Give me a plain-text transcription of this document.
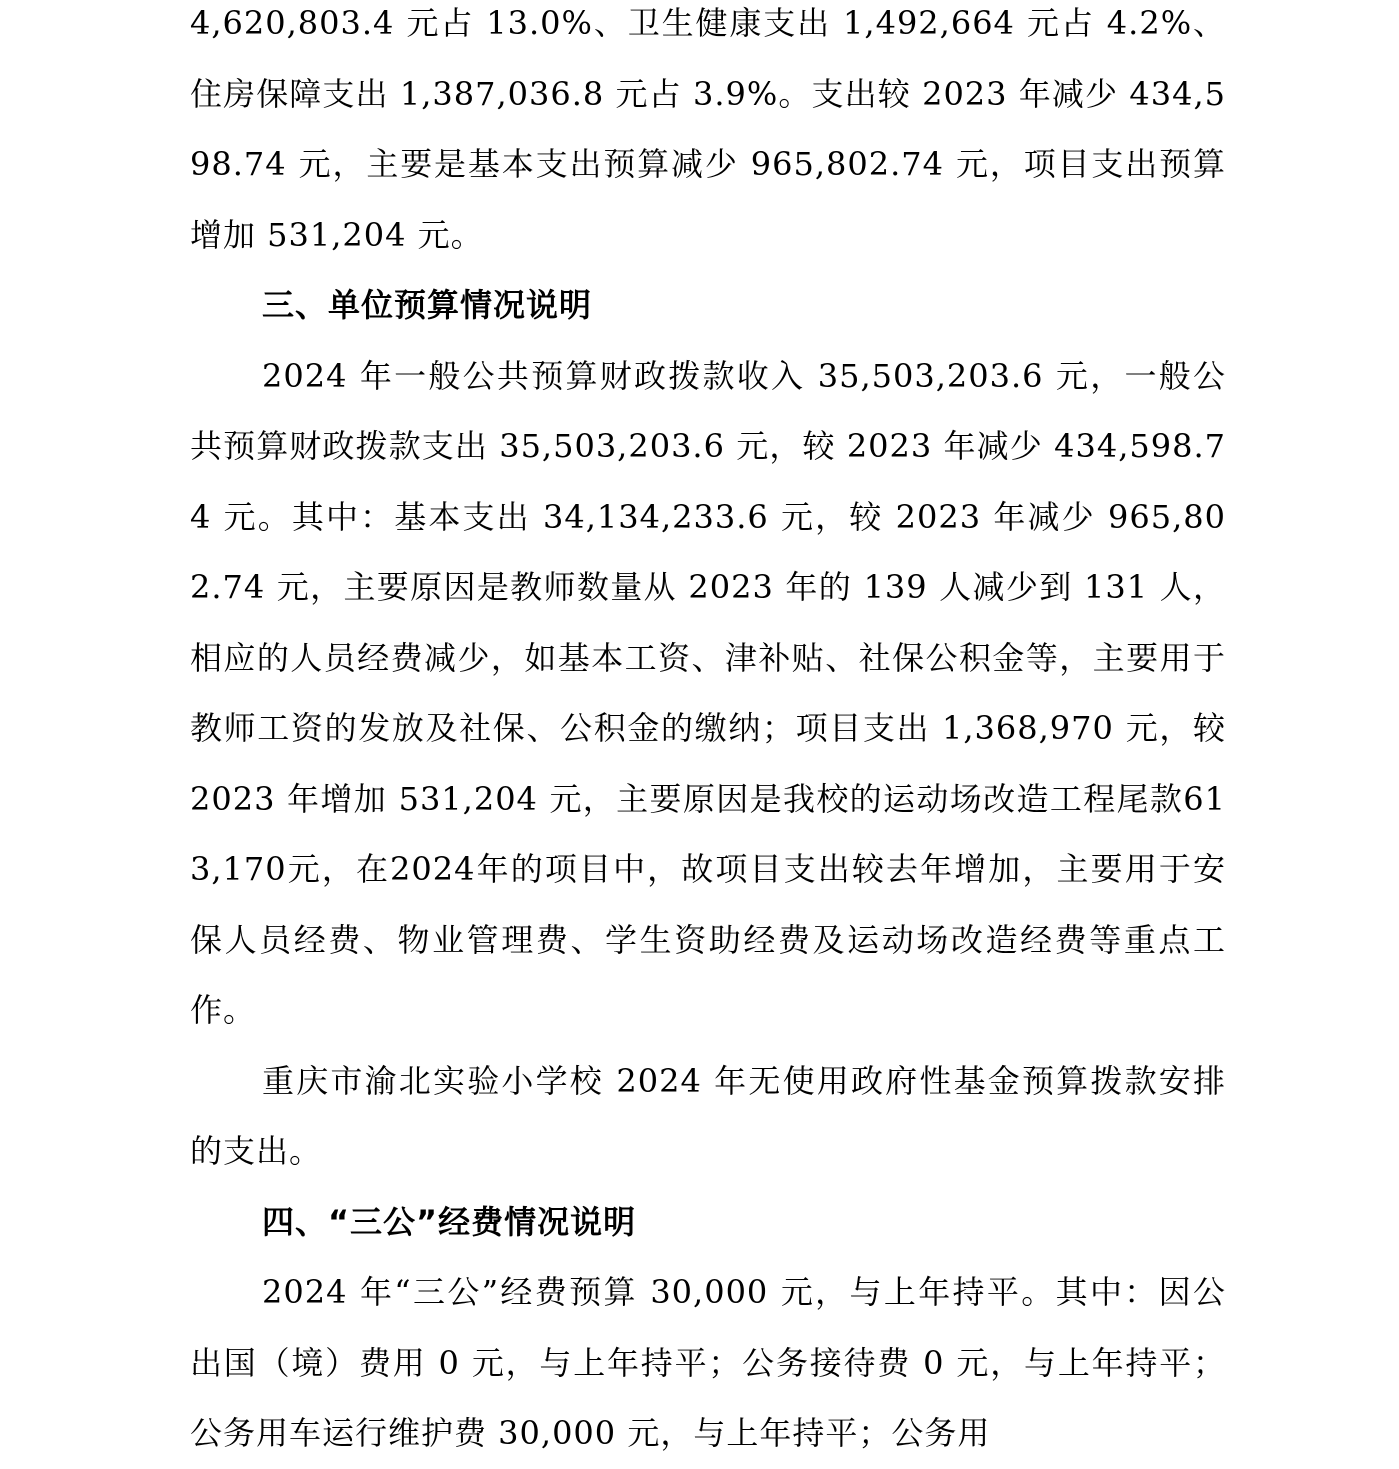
4,620,803.4 元占 13.0%、卫生健康支出 1,492,664 元占 4.2%、住房保障支出 1,387,036.8 元占 3.9%。支出较 2023 年减少 434,598.74 元，主要是基本支出预算减少 965,802.74 元，项目支出预算增加 531,204 元。

三、单位预算情况说明

2024 年一般公共预算财政拨款收入 35,503,203.6 元，一般公共预算财政拨款支出 35,503,203.6 元，较 2023 年减少 434,598.74 元。其中：基本支出 34,134,233.6 元，较 2023 年减少 965,802.74 元，主要原因是教师数量从 2023 年的 139 人减少到 131 人，相应的人员经费减少，如基本工资、津补贴、社保公积金等，主要用于教师工资的发放及社保、公积金的缴纳；项目支出 1,368,970 元，较 2023 年增加 531,204 元，主要原因是我校的运动场改造工程尾款613,170元，在2024年的项目中，故项目支出较去年增加，主要用于安保人员经费、物业管理费、学生资助经费及运动场改造经费等重点工作。

重庆市渝北实验小学校 2024 年无使用政府性基金预算拨款安排的支出。

四、“三公”经费情况说明

2024 年“三公”经费预算 30,000 元，与上年持平。其中：因公出国（境）费用 0 元，与上年持平；公务接待费 0 元，与上年持平；公务用车运行维护费 30,000 元，与上年持平；公务用
